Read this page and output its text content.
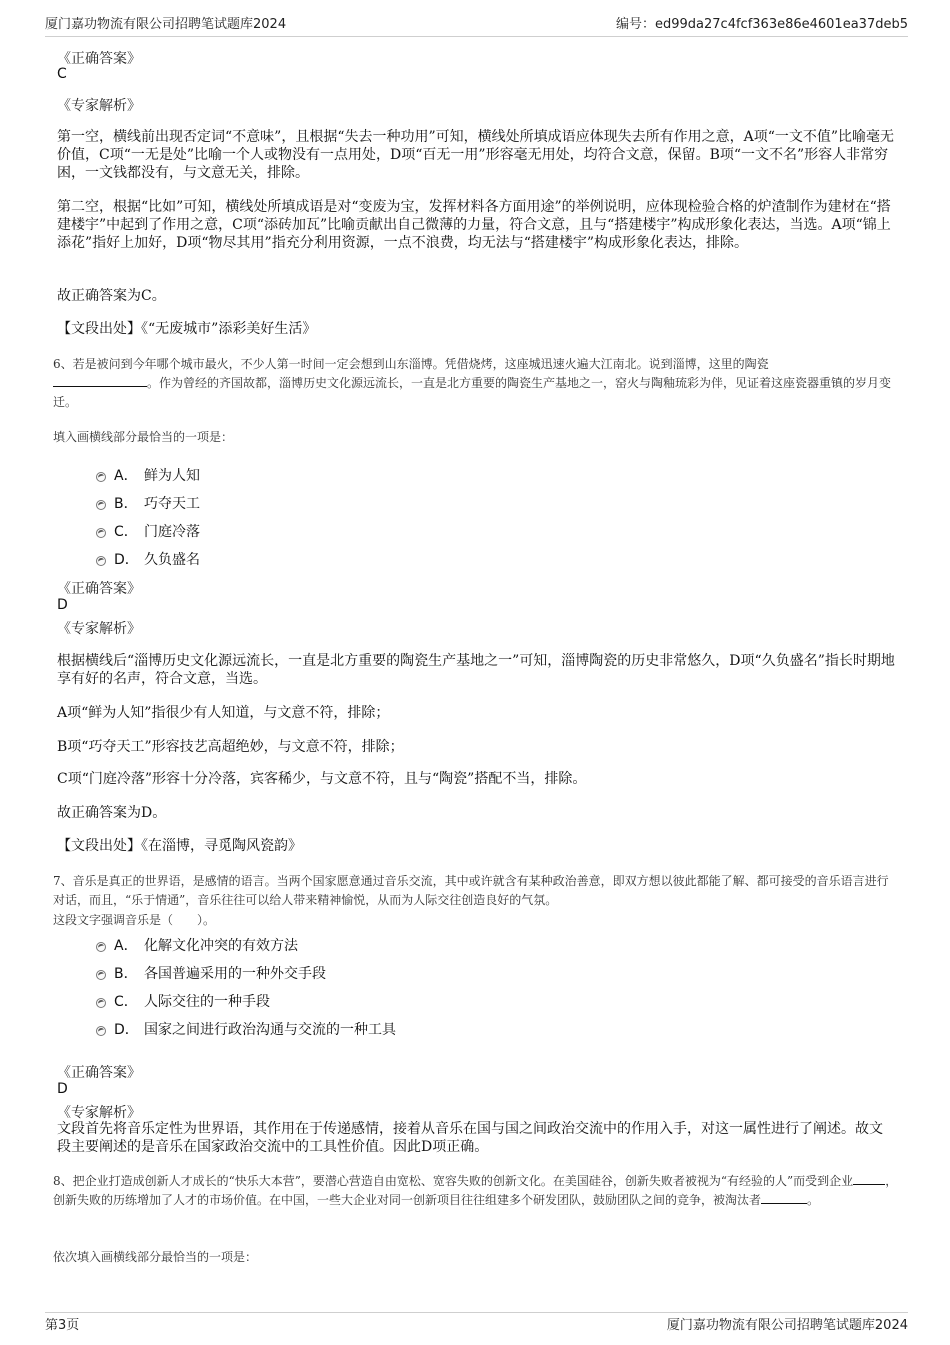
厦门嘉功物流有限公司招聘笔试题库2024	编号：ed99da27c4fcf363e86e4601ea37deb5
《正确答案》
C
《专家解析》
第一空，横线前出现否定词“不意味”，且根据“失去一种功用”可知，横线处所填成语应体现失去所有作用之意，A项“一文不值”比喻毫无价值，C项“一无是处”比喻一个人或物没有一点用处，D项“百无一用”形容毫无用处，均符合文意，保留。B项“一文不名”形容人非常穷困，一文钱都没有，与文意无关，排除。
第二空，根据“比如”可知，横线处所填成语是对“变废为宝，发挥材料各方面用途”的举例说明，应体现检验合格的炉渣制作为建材在“搭建楼宇”中起到了作用之意，C项“添砖加瓦”比喻贡献出自己微薄的力量，符合文意，且与“搭建楼宇”构成形象化表达，当选。A项“锦上添花”指好上加好，D项“物尽其用”指充分利用资源，一点不浪费，均无法与“搭建楼宇”构成形象化表达，排除。
故正确答案为C。
【文段出处】《“无废城市”添彩美好生活》
6、若是被问到今年哪个城市最火，不少人第一时间一定会想到山东淄博。凭借烧烤，这座城迅速火遍大江南北。说到淄博，这里的陶瓷
。作为曾经的齐国故都，淄博历史文化源远流长，一直是北方重要的陶瓷生产基地之一，窑火与陶釉琉彩为伴，见证着这座瓷器重镇的岁月变迁。
填入画横线部分最恰当的一项是：
A． 鲜为人知
B． 巧夺天工
C． 门庭冷落
D． 久负盛名
《正确答案》
D
《专家解析》
根据横线后“淄博历史文化源远流长，一直是北方重要的陶瓷生产基地之一”可知，淄博陶瓷的历史非常悠久，D项“久负盛名”指长时期地享有好的名声，符合文意，当选。
A项“鲜为人知”指很少有人知道，与文意不符，排除；
B项“巧夺天工”形容技艺高超绝妙，与文意不符，排除；
C项“门庭冷落”形容十分冷落，宾客稀少，与文意不符，且与“陶瓷”搭配不当，排除。
故正确答案为D。
【文段出处】《在淄博，寻觅陶风瓷韵》
7、音乐是真正的世界语，是感情的语言。当两个国家愿意通过音乐交流，其中或许就含有某种政治善意，即双方想以彼此都能了解、都可接受的音乐语言进行对话，而且，“乐于情通”，音乐往往可以给人带来精神愉悦，从而为人际交往创造良好的气氛。
这段文字强调音乐是（　　）。
A． 化解文化冲突的有效方法
B． 各国普遍采用的一种外交手段
C． 人际交往的一种手段
D． 国家之间进行政治沟通与交流的一种工具
《正确答案》
D
《专家解析》
文段首先将音乐定性为世界语，其作用在于传递感情，接着从音乐在国与国之间政治交流中的作用入手，对这一属性进行了阐述。故文段主要阐述的是音乐在国家政治交流中的工具性价值。因此D项正确。
8、把企业打造成创新人才成长的“快乐大本营”，要潜心营造自由宽松、宽容失败的创新文化。在美国硅谷，创新失败者被视为“有经验的人”而受到企业	，创新失败的历练增加了人才的市场价值。在中国，一些大企业对同一创新项目往往组建多个研发团队，鼓励团队之间的竞争，被淘汰者	。
依次填入画横线部分最恰当的一项是：
第3页	厦门嘉功物流有限公司招聘笔试题库2024
